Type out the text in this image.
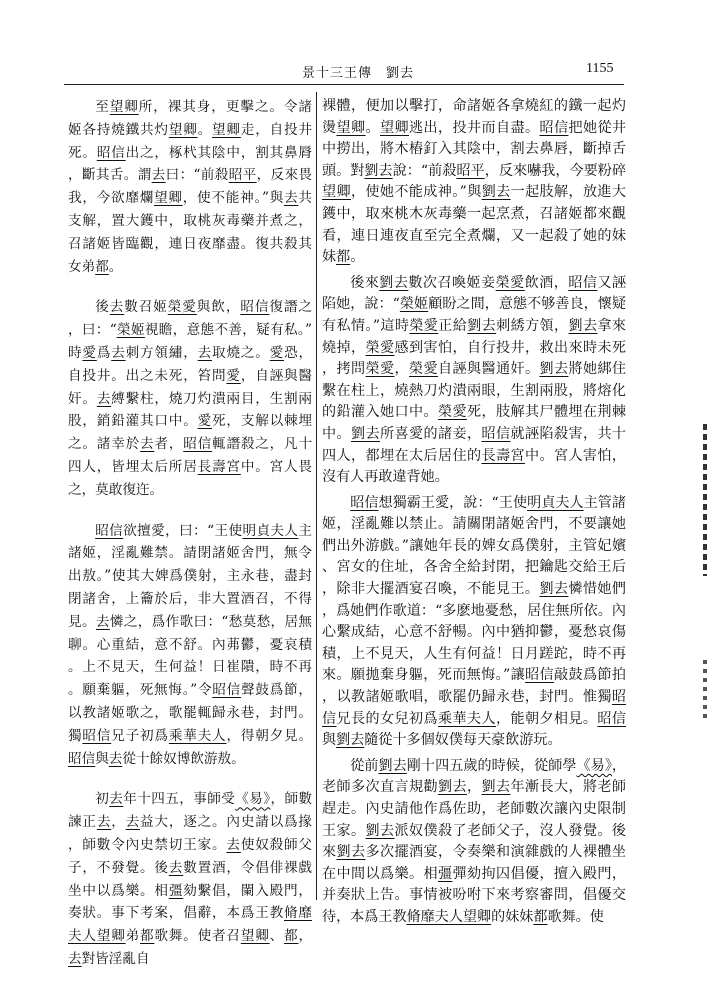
景十三王傳　劉去	1155

至望卿所，裸其身，更擊之。令諸姬各持燒鐵共灼望卿。望卿走，自投井死。昭信出之，椓杙其陰中，割其鼻脣，斷其舌。謂去曰：“前殺昭平，反來畏我，今欲靡爛望卿，使不能神。”與去共支解，置大鑊中，取桃灰毒藥并煮之，召諸姬皆臨觀，連日夜靡盡。復共殺其女弟都。

後去數召姬榮愛與飲，昭信復譖之，曰：“榮姬視瞻，意態不善，疑有私。”時愛爲去刺方領繡，去取燒之。愛恐，自投井。出之未死，笞問愛，自誣與醫奸。去縛繫柱，燒刀灼潰兩目，生割兩股，銷鉛灌其口中。愛死，支解以棘埋之。諸幸於去者，昭信輒譖殺之，凡十四人，皆埋太后所居長壽宮中。宮人畏之，莫敢復迕。

昭信欲擅愛，曰：“王使明貞夫人主諸姬，淫亂難禁。請閉諸姬舍門，無令出敖。”使其大婢爲僕射，主永巷，盡封閉諸舍，上籥於后，非大置酒召，不得見。去憐之，爲作歌曰：“愁莫愁，居無聊。心重結，意不舒。內茀鬱，憂哀積。上不見天，生何益！日崔隤，時不再。願棄軀，死無悔。”令昭信聲鼓爲節，以教諸姬歌之，歌罷輒歸永巷，封門。獨昭信兄子初爲乘華夫人，得朝夕見。昭信與去從十餘奴博飲游敖。

初去年十四五，事師受《易》，師數諫正去，去益大，逐之。內史請以爲掾，師數令內史禁切王家。去使奴殺師父子，不發覺。後去數置酒，令倡俳裸戲坐中以爲樂。相彊劾繫倡，闌入殿門，奏狀。事下考案，倡辭，本爲王教脩靡夫人望卿弟都歌舞。使者召望卿、都，去對皆淫亂自

裸體，便加以擊打，命諸姬各拿燒紅的鐵一起灼燙望卿。望卿逃出，投井而自盡。昭信把她從井中撈出，將木樁釘入其陰中，割去鼻唇，斷掉舌頭。對劉去說：“前殺昭平，反來嚇我，今要粉碎望卿，使她不能成神。”與劉去一起肢解，放進大鑊中，取來桃木灰毒藥一起烹煮，召諸姬都來觀看，連日連夜直至完全煮爛，又一起殺了她的妹妹都。

後來劉去數次召喚姬妾榮愛飲酒，昭信又誣陷她，說：“榮姬顧盼之間，意態不够善良，懷疑有私情。”這時榮愛正給劉去刺綉方領，劉去拿來燒掉，榮愛感到害怕，自行投井，救出來時未死，拷問榮愛，榮愛自誣與醫通奸。劉去將她綁住繫在柱上，燒熱刀灼潰兩眼，生割兩股，將熔化的鉛灌入她口中。榮愛死，肢解其尸體埋在荆棘中。劉去所喜愛的諸妾，昭信就誣陷殺害，共十四人，都埋在太后居住的長壽宮中。宮人害怕，沒有人再敢違背她。

昭信想獨霸王愛，說：“王使明貞夫人主管諸姬，淫亂難以禁止。請關閉諸姬舍門，不要讓她們出外游戲。”讓她年長的婢女爲僕射，主管妃嬪、宮女的住址，各舍全給封閉，把鑰匙交給王后，除非大擺酒宴召喚，不能見王。劉去憐惜她們，爲她們作歌道：“多麽地憂愁，居住無所依。內心繫成結，心意不舒暢。內中猶抑鬱，憂愁哀傷積，上不見天，人生有何益！日月蹉跎，時不再來。願拋棄身軀，死而無悔。”讓昭信敲鼓爲節拍，以教諸姬歌唱，歌罷仍歸永巷，封門。惟獨昭信兄長的女兒初爲乘華夫人，能朝夕相見。昭信與劉去隨從十多個奴僕每天豪飲游玩。

從前劉去剛十四五歲的時候，從師學《易》，老師多次直言規勸劉去，劉去年漸長大，將老師趕走。內史請他作爲佐助，老師數次讓內史限制王家。劉去派奴僕殺了老師父子，沒人發覺。後來劉去多次擺酒宴，令奏樂和演雜戲的人裸體坐在中間以爲樂。相彊彈劾拘囚倡優，擅入殿門，并奏狀上告。事情被吩咐下來考察審問，倡優交待，本爲王教脩靡夫人望卿的妹妹都歌舞。使
